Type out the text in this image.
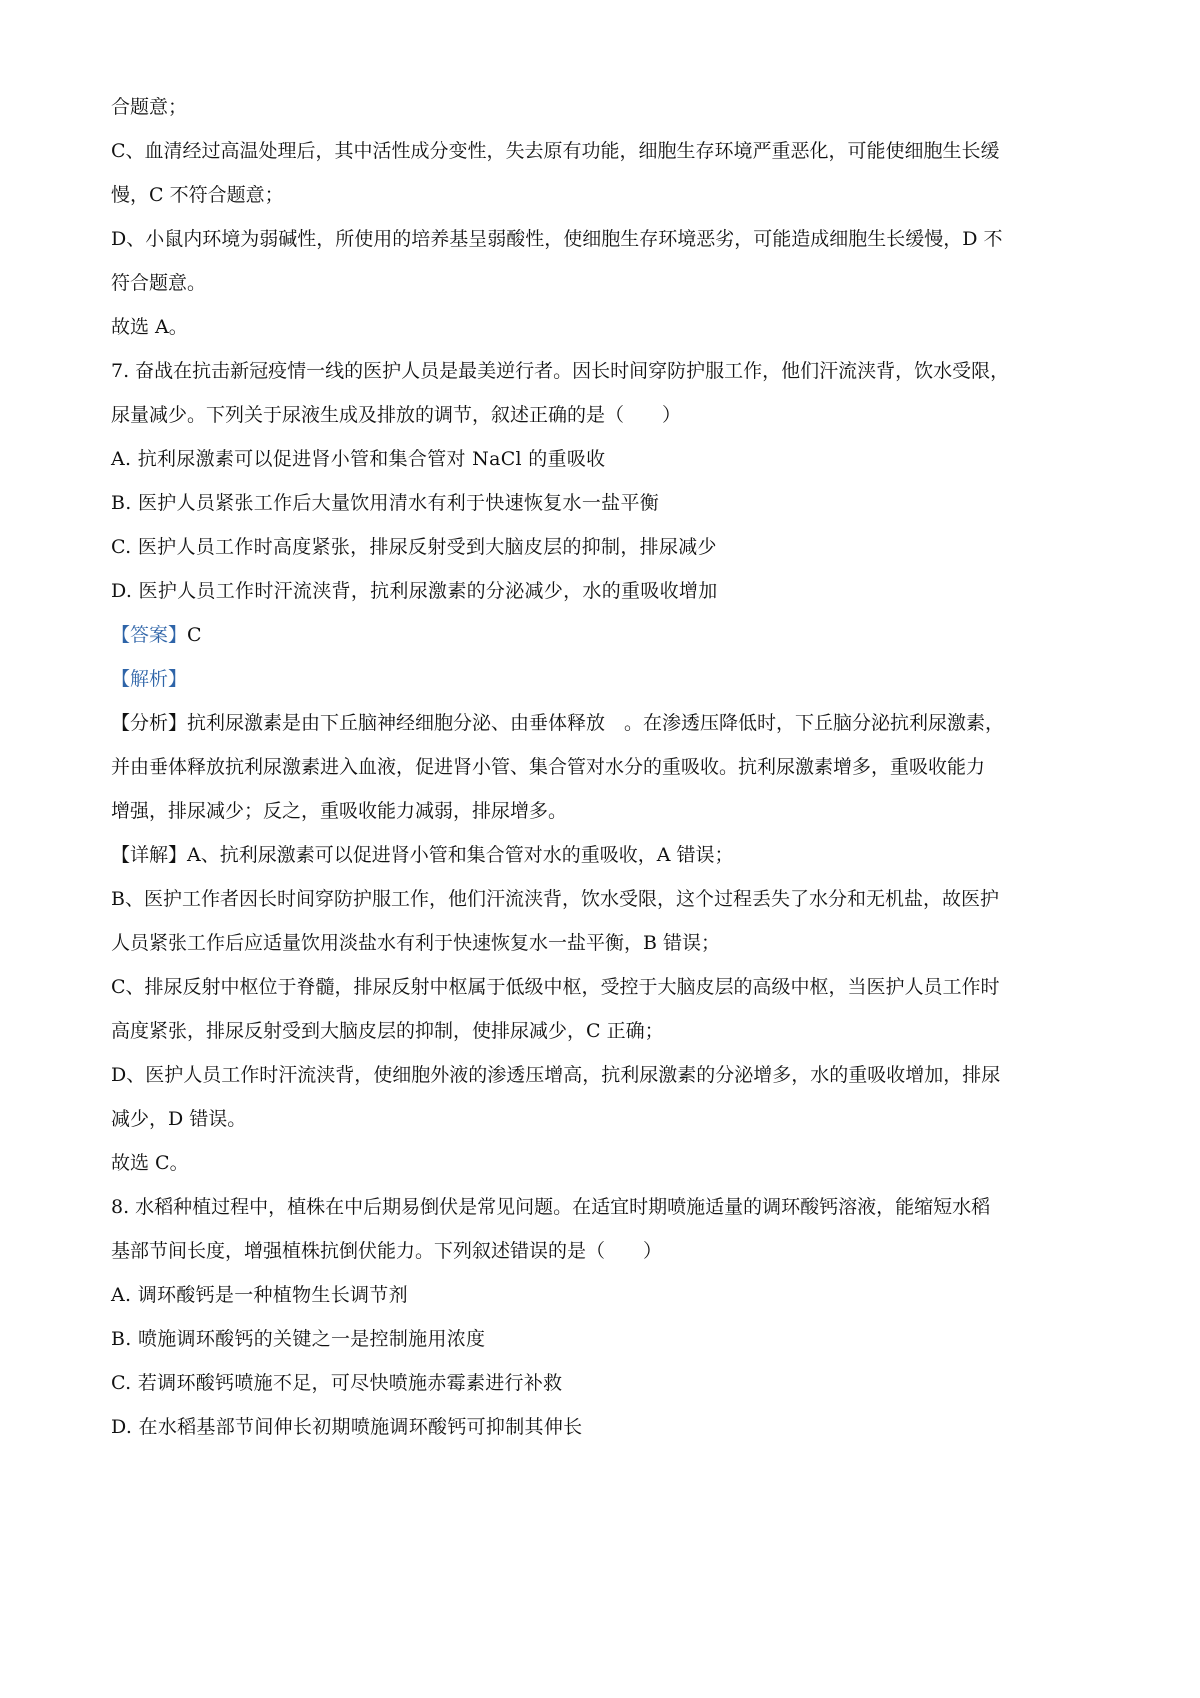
合题意；
C、血清经过高温处理后，其中活性成分变性，失去原有功能，细胞生存环境严重恶化，可能使细胞生长缓
慢，C 不符合题意；
D、小鼠内环境为弱碱性，所使用的培养基呈弱酸性，使细胞生存环境恶劣，可能造成细胞生长缓慢，D 不
符合题意。
故选 A。
7. 奋战在抗击新冠疫情一线的医护人员是最美逆行者。因长时间穿防护服工作，他们汗流浃背，饮水受限，
尿量减少。下列关于尿液生成及排放的调节，叙述正确的是（　　）
A. 抗利尿激素可以促进肾小管和集合管对 NaCl 的重吸收
B. 医护人员紧张工作后大量饮用清水有利于快速恢复水一盐平衡
C. 医护人员工作时高度紧张，排尿反射受到大脑皮层的抑制，排尿减少
D. 医护人员工作时汗流浃背，抗利尿激素的分泌减少，水的重吸收增加
【答案】C
【解析】
【分析】抗利尿激素是由下丘脑神经细胞分泌、由垂体释放　。在渗透压降低时，下丘脑分泌抗利尿激素，
并由垂体释放抗利尿激素进入血液，促进肾小管、集合管对水分的重吸收。抗利尿激素增多，重吸收能力
增强，排尿减少；反之，重吸收能力减弱，排尿增多。
【详解】A、抗利尿激素可以促进肾小管和集合管对水的重吸收，A 错误；
B、医护工作者因长时间穿防护服工作，他们汗流浃背，饮水受限，这个过程丢失了水分和无机盐，故医护
人员紧张工作后应适量饮用淡盐水有利于快速恢复水一盐平衡，B 错误；
C、排尿反射中枢位于脊髓，排尿反射中枢属于低级中枢，受控于大脑皮层的高级中枢，当医护人员工作时
高度紧张，排尿反射受到大脑皮层的抑制，使排尿减少，C 正确；
D、医护人员工作时汗流浃背，使细胞外液的渗透压增高，抗利尿激素的分泌增多，水的重吸收增加，排尿
减少，D 错误。
故选 C。
8. 水稻种植过程中，植株在中后期易倒伏是常见问题。在适宜时期喷施适量的调环酸钙溶液，能缩短水稻
基部节间长度，增强植株抗倒伏能力。下列叙述错误的是（　　）
A. 调环酸钙是一种植物生长调节剂
B. 喷施调环酸钙的关键之一是控制施用浓度
C. 若调环酸钙喷施不足，可尽快喷施赤霉素进行补救
D. 在水稻基部节间伸长初期喷施调环酸钙可抑制其伸长
